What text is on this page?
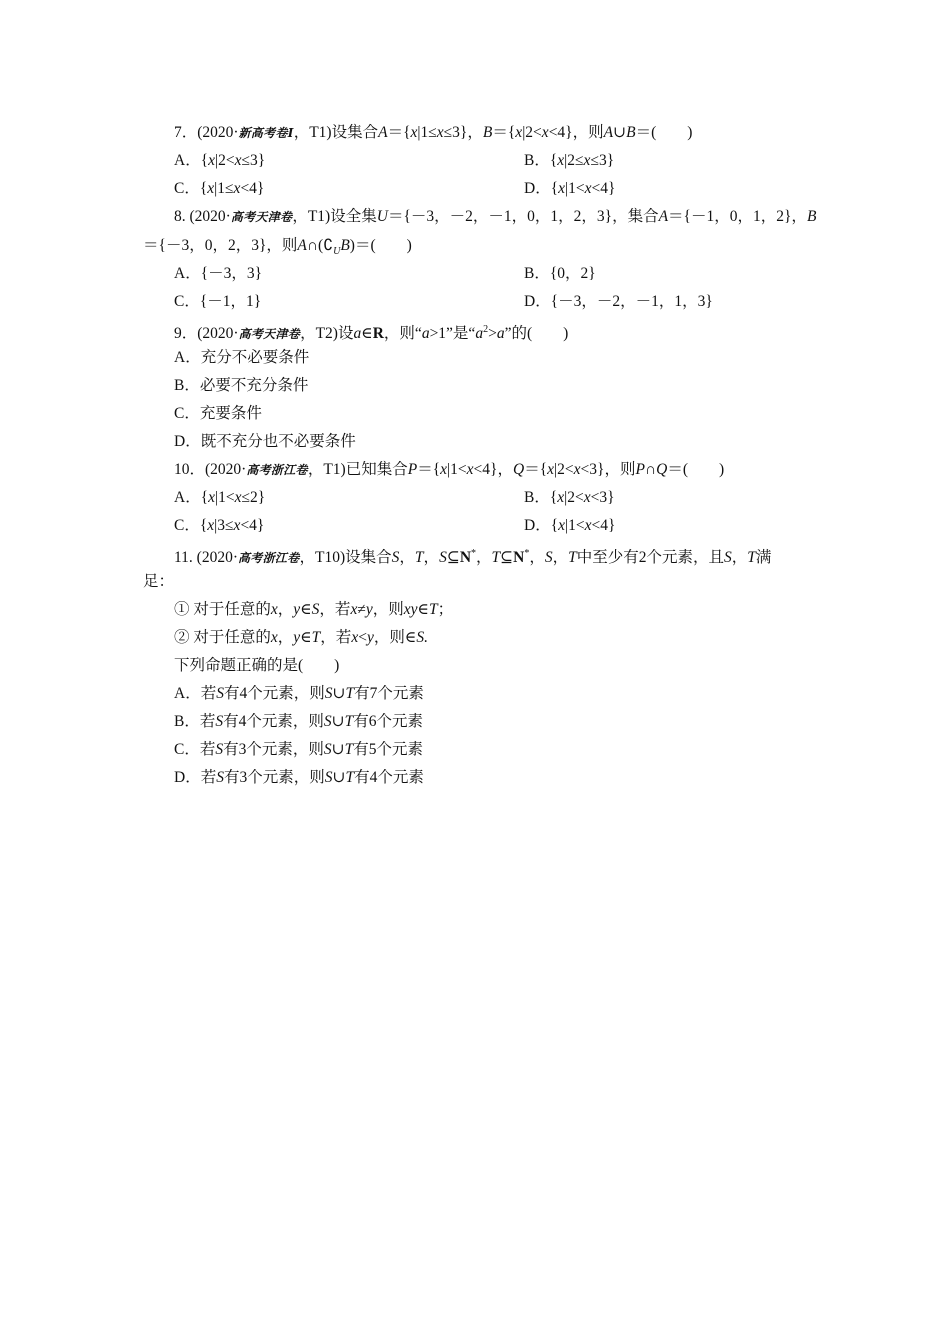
7．(2020·新高考卷Ⅰ，T1)设集合A＝{x|1≤x≤3}，B＝{x|2<x<4}，则A∪B＝(　　)
A．{x|2<x≤3}	B．{x|2≤x≤3}
C．{x|1≤x<4}	D．{x|1<x<4}
8. (2020·高考天津卷，T1)设全集U＝{－3，－2，－1，0，1，2，3}，集合A＝{－1，0，1，2}，B
＝{－3，0，2，3}，则$A\cap(∁_UB)=$(　　)
A．{－3，3}	B．{0，2}
C．{－1，1}	D．{－3，－2，－1，1，3}
9．(2020·高考天津卷，T2)设a∈R，则“a>1”是“$a^2>a$”的(　　)
A．充分不必要条件
B．必要不充分条件
C．充要条件
D．既不充分也不必要条件
10．(2020·高考浙江卷，T1)已知集合P＝{x|1<x<4}，Q＝{x|2<x<3}，则P∩Q＝(　　)
A．{x|1<x≤2}	B．{x|2<x<3}
C．{x|3≤x<4}	D．{x|1<x<4}
11. (2020·高考浙江卷，T10)设集合S，T，S⊆N*，T⊆N*，S，T中至少有2个元素，且S，T满
足：
① 对于任意的x，y∈S，若x≠y，则xy∈T；
② 对于任意的x，y∈T，若x<y，则∈S.
下列命题正确的是(　　)
A．若S有4个元素，则S∪T有7个元素
B．若S有4个元素，则S∪T有6个元素
C．若S有3个元素，则S∪T有5个元素
D．若S有3个元素，则S∪T有4个元素
